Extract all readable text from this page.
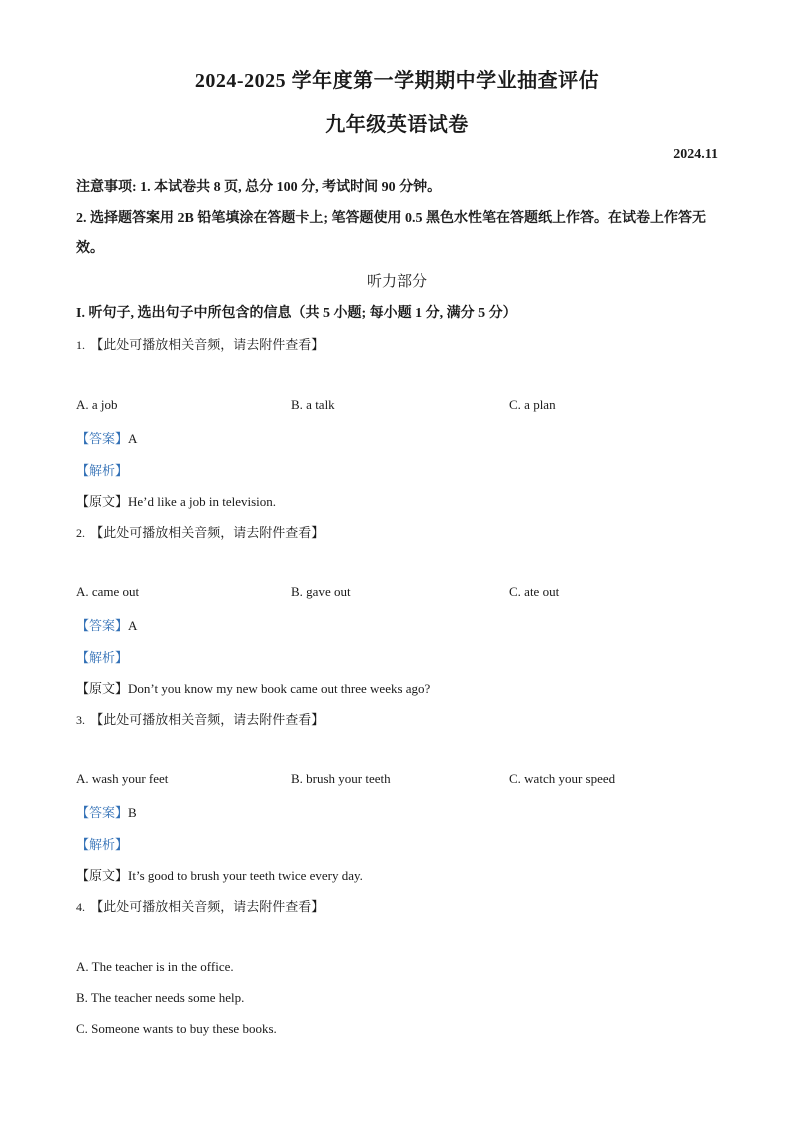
2024-2025 学年度第一学期期中学业抽查评估
九年级英语试卷
2024.11
注意事项: 1. 本试卷共 8 页, 总分 100 分, 考试时间 90 分钟。
2. 选择题答案用 2B 铅笔填涂在答题卡上; 笔答题使用 0.5 黑色水性笔在答题纸上作答。在试卷上作答无效。
听力部分
I. 听句子, 选出句子中所包含的信息（共 5 小题; 每小题 1 分, 满分 5 分）
1. 【此处可播放相关音频，请去附件查看】
A. a job	B. a talk	C. a plan
【答案】A
【解析】
【原文】He’d like a job in television.
2. 【此处可播放相关音频，请去附件查看】
A. came out	B. gave out	C. ate out
【答案】A
【解析】
【原文】Don’t you know my new book came out three weeks ago?
3. 【此处可播放相关音频，请去附件查看】
A. wash your feet	B. brush your teeth	C. watch your speed
【答案】B
【解析】
【原文】It’s good to brush your teeth twice every day.
4. 【此处可播放相关音频，请去附件查看】
A. The teacher is in the office.
B. The teacher needs some help.
C. Someone wants to buy these books.
